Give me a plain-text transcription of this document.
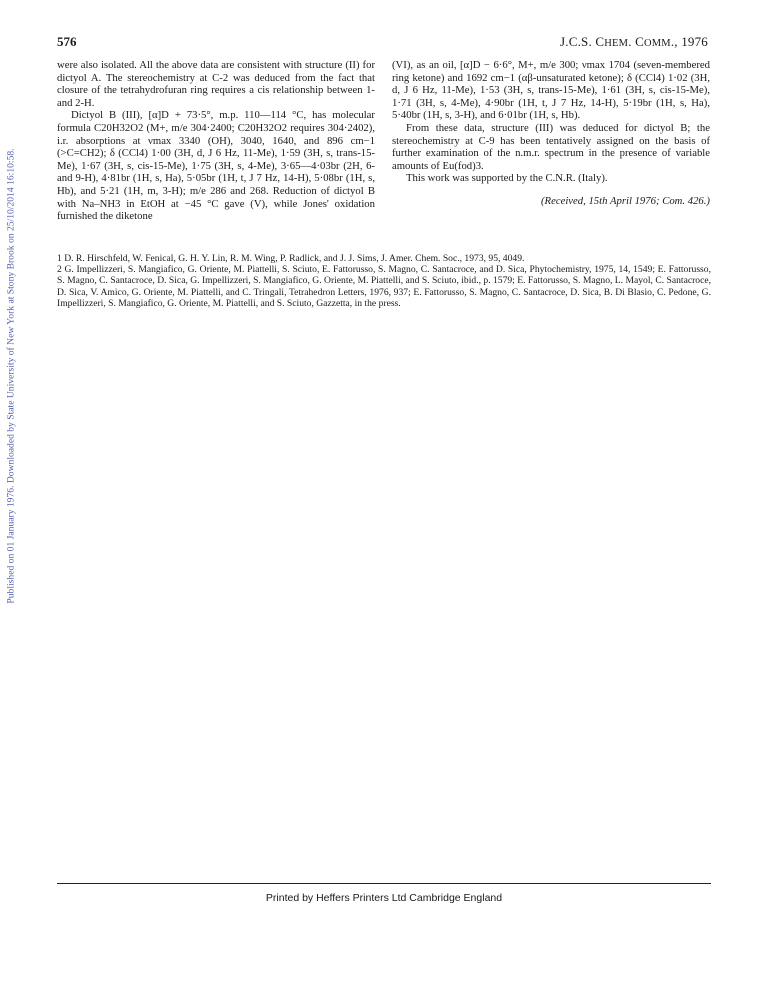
Published on 01 January 1976. Downloaded by State University of New York at Stony Brook on 25/10/2014 16:10:58.
576	J.C.S. CHEM. COMM., 1976

were also isolated. All the above data are consistent with structure (II) for dictyol A. The stereochemistry at C-2 was deduced from the fact that closure of the tetrahydrofuran ring requires a cis relationship between 1- and 2-H.

Dictyol B (III), [α]D + 73·5°, m.p. 110—114 °C, has molecular formula C20H32O2 (M+, m/e 304·2400; C20H32O2 requires 304·2402), i.r. absorptions at νmax 3340 (OH), 3040, 1640, and 896 cm−1 (>C=CH2); δ (CCl4) 1·00 (3H, d, J 6 Hz, 11-Me), 1·59 (3H, s, trans-15-Me), 1·67 (3H, s, cis-15-Me), 1·75 (3H, s, 4-Me), 3·65—4·03br (2H, 6- and 9-H), 4·81br (1H, s, Ha), 5·05br (1H, t, J 7 Hz, 14-H), 5·08br (1H, s, Hb), and 5·21 (1H, m, 3-H); m/e 286 and 268. Reduction of dictyol B with Na–NH3 in EtOH at −45 °C gave (V), while Jones' oxidation furnished the diketone

(VI), as an oil, [α]D − 6·6°, M+, m/e 300; νmax 1704 (seven-membered ring ketone) and 1692 cm−1 (αβ-unsaturated ketone); δ (CCl4) 1·02 (3H, d, J 6 Hz, 11-Me), 1·53 (3H, s, trans-15-Me), 1·61 (3H, s, cis-15-Me), 1·71 (3H, s, 4-Me), 4·90br (1H, t, J 7 Hz, 14-H), 5·19br (1H, s, Ha), 5·40br (1H, s, 3-H), and 6·01br (1H, s, Hb).

From these data, structure (III) was deduced for dictyol B; the stereochemistry at C-9 has been tentatively assigned on the basis of further examination of the n.m.r. spectrum in the presence of variable amounts of Eu(fod)3.

This work was supported by the C.N.R. (Italy).

(Received, 15th April 1976; Com. 426.)

1 D. R. Hirschfeld, W. Fenical, G. H. Y. Lin, R. M. Wing, P. Radlick, and J. J. Sims, J. Amer. Chem. Soc., 1973, 95, 4049.

2 G. Impellizzeri, S. Mangiafico, G. Oriente, M. Piattelli, S. Sciuto, E. Fattorusso, S. Magno, C. Santacroce, and D. Sica, Phytochemistry, 1975, 14, 1549; E. Fattorusso, S. Magno, C. Santacroce, D. Sica, G. Impellizzeri, S. Mangiafico, G. Oriente, M. Piattelli, and S. Sciuto, ibid., p. 1579; E. Fattorusso, S. Magno, L. Mayol, C. Santacroce, D. Sica, V. Amico, G. Oriente, M. Piattelli, and C. Tringali, Tetrahedron Letters, 1976, 937; E. Fattorusso, S. Magno, C. Santacroce, D. Sica, B. Di Blasio, C. Pedone, G. Impellizzeri, S. Mangiafico, G. Oriente, M. Piattelli, and S. Sciuto, Gazzetta, in the press.

Printed by Heffers Printers Ltd Cambridge England
